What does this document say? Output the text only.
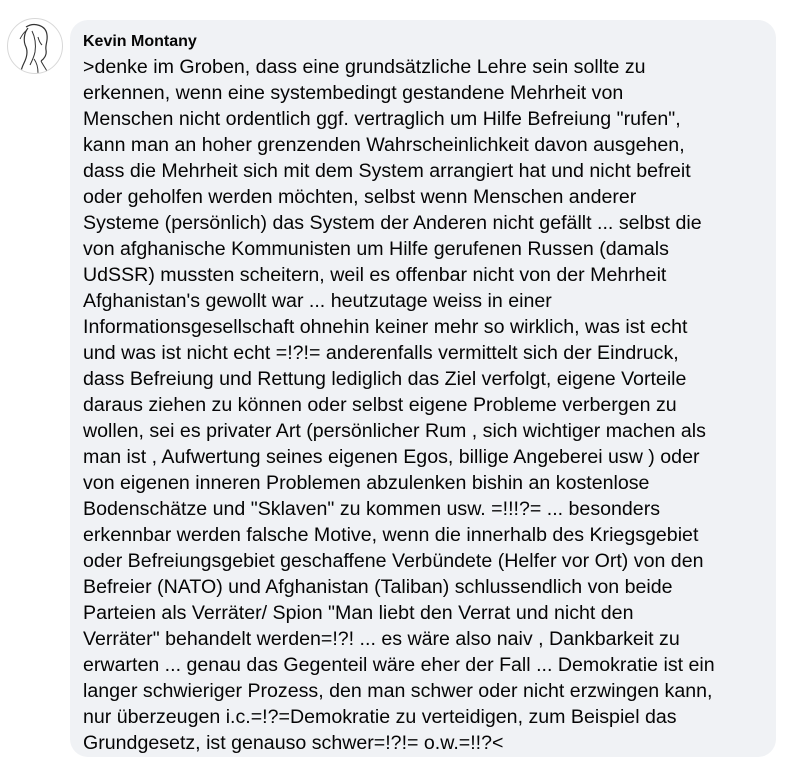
Kevin Montany
>denke im Groben, dass eine grundsätzliche Lehre sein sollte zu
erkennen, wenn eine systembedingt gestandene Mehrheit von
Menschen nicht ordentlich ggf. vertraglich um Hilfe Befreiung "rufen",
kann man an hoher grenzenden Wahrscheinlichkeit davon ausgehen,
dass die Mehrheit sich mit dem System arrangiert hat und nicht befreit
oder geholfen werden möchten, selbst wenn Menschen anderer
Systeme (persönlich) das System der Anderen nicht gefällt ... selbst die
von afghanische Kommunisten um Hilfe gerufenen Russen (damals
UdSSR) mussten scheitern, weil es offenbar nicht von der Mehrheit
Afghanistan's gewollt war ... heutzutage weiss in einer
Informationsgesellschaft ohnehin keiner mehr so wirklich, was ist echt
und was ist nicht echt =!?!= anderenfalls vermittelt sich der Eindruck,
dass Befreiung und Rettung lediglich das Ziel verfolgt, eigene Vorteile
daraus ziehen zu können oder selbst eigene Probleme verbergen zu
wollen, sei es privater Art (persönlicher Rum , sich wichtiger machen als
man ist , Aufwertung seines eigenen Egos, billige Angeberei usw ) oder
von eigenen inneren Problemen abzulenken bishin an kostenlose
Bodenschätze und "Sklaven" zu kommen usw. =!!!?= ... besonders
erkennbar werden falsche Motive, wenn die innerhalb des Kriegsgebiet
oder Befreiungsgebiet geschaffene Verbündete (Helfer vor Ort) von den
Befreier (NATO) und Afghanistan (Taliban) schlussendlich von beide
Parteien als Verräter/ Spion "Man liebt den Verrat und nicht den
Verräter" behandelt werden=!?! ... es wäre also naiv , Dankbarkeit zu
erwarten ... genau das Gegenteil wäre eher der Fall ... Demokratie ist ein
langer schwieriger Prozess, den man schwer oder nicht erzwingen kann,
nur überzeugen i.c.=!?=Demokratie zu verteidigen, zum Beispiel das
Grundgesetz, ist genauso schwer=!?!= o.w.=!!?<
